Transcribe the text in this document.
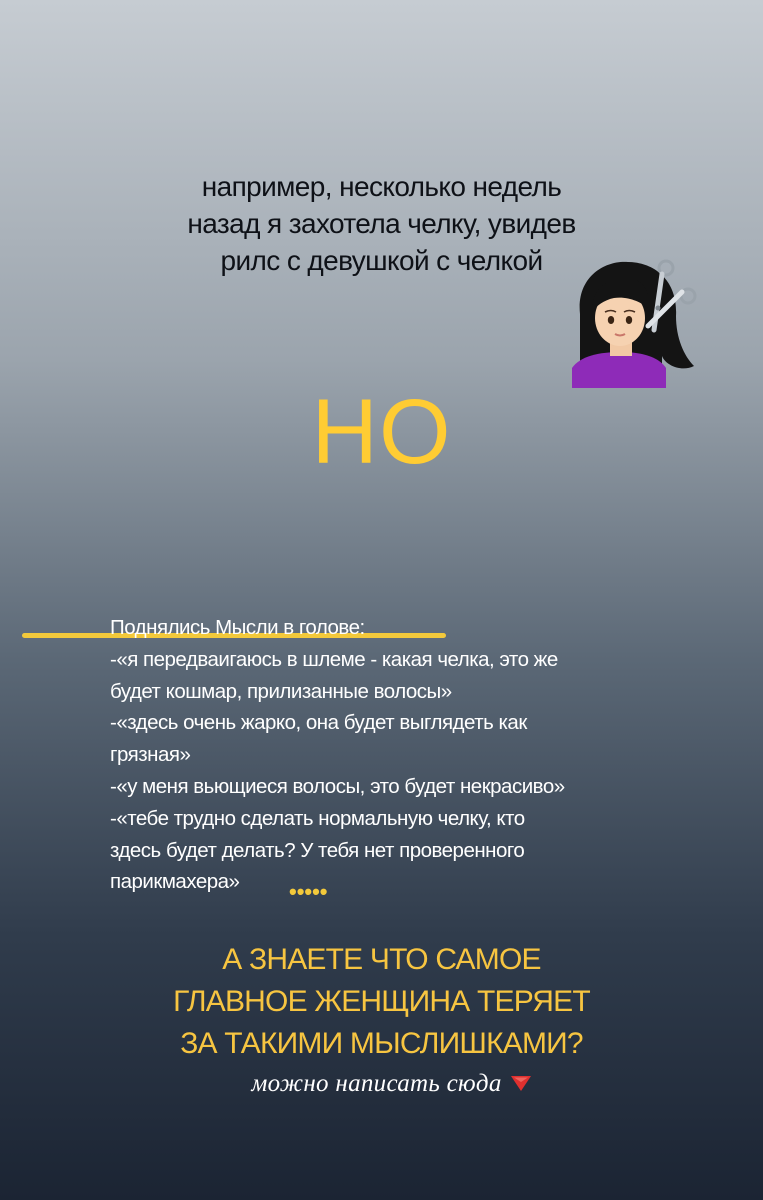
например, несколько недель
назад я захотела челку, увидев
рилс с девушкой с челкой
НО
Поднялись Мысли в голове:
-«я передваигаюсь в шлеме - какая челка, это же
будет кошмар, прилизанные волосы»
-«здесь очень жарко, она будет выглядеть как
грязная»
-«у меня вьющиеся волосы, это будет некрасиво»
-«тебе трудно сделать нормальную челку, кто
здесь будет делать? У тебя нет проверенного
парикмахера»	•••••
А ЗНАЕТЕ ЧТО САМОЕ
ГЛАВНОЕ ЖЕНЩИНА ТЕРЯЕТ
ЗА ТАКИМИ МЫСЛИШКАМИ?
можно написать сюда
